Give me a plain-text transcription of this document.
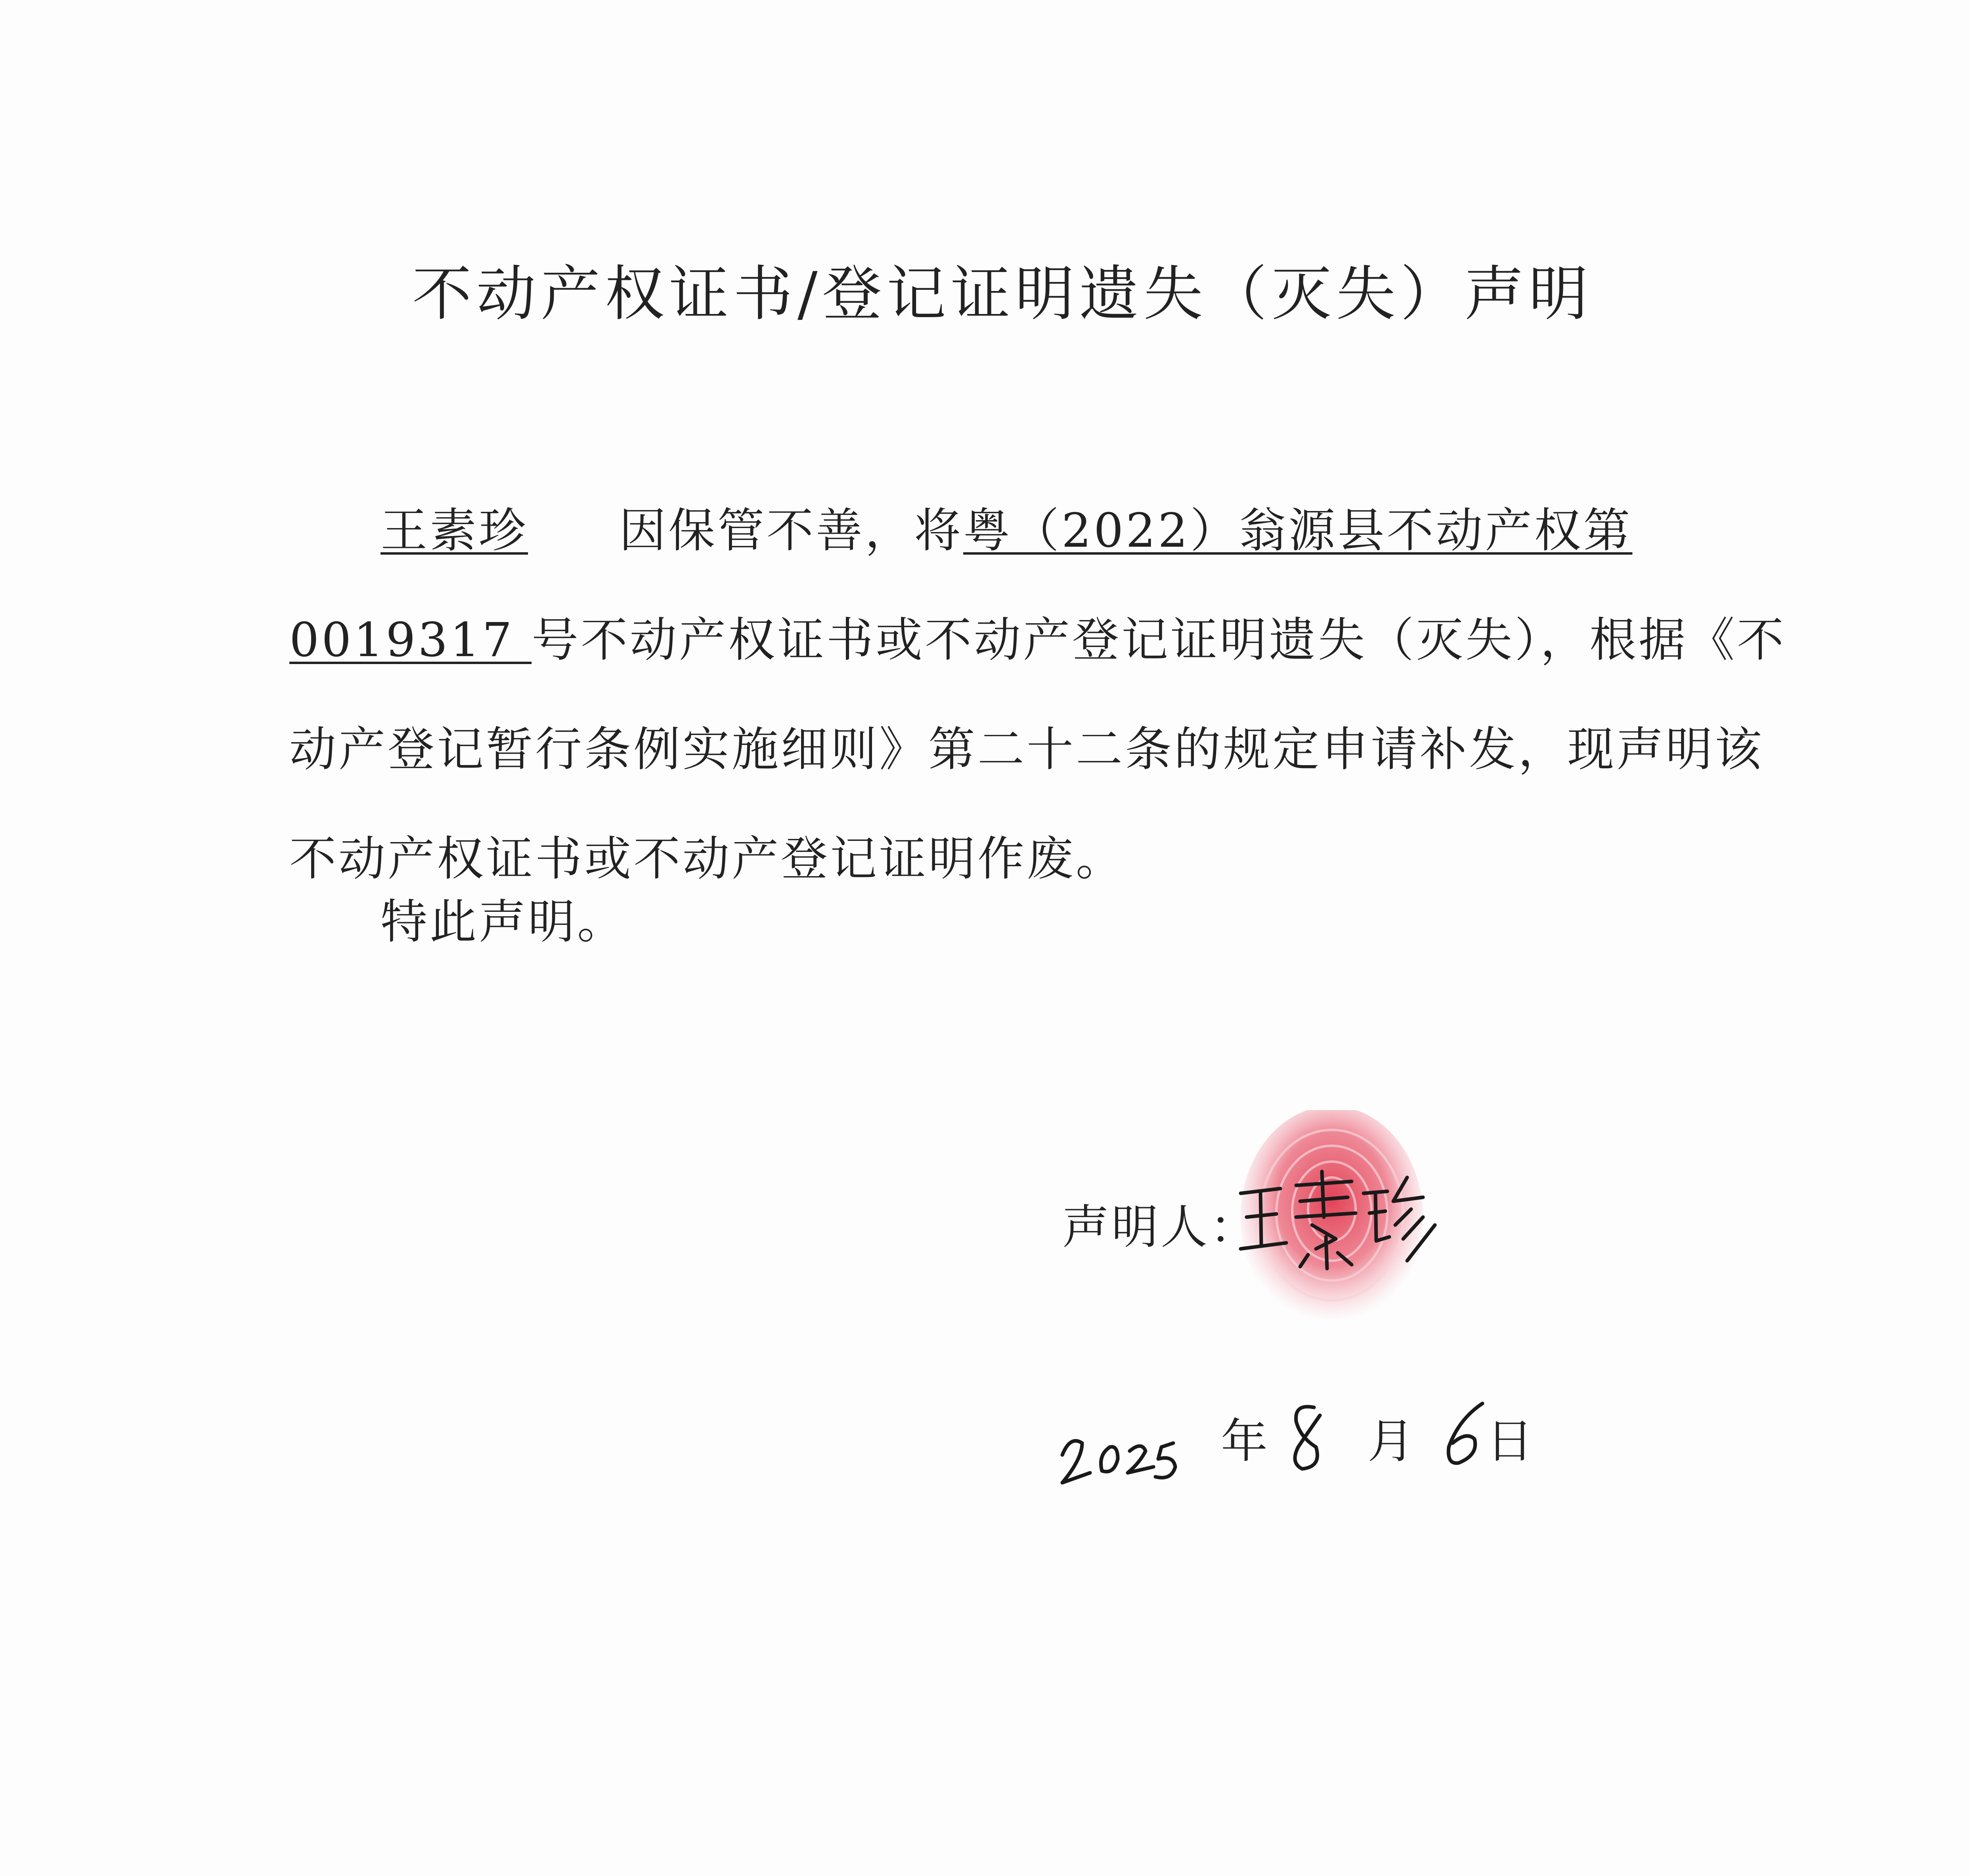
不动产权证书/登记证明遗失（灭失）声明

王素珍 因保管不善，将粤（2022）翁源县不动产权第

0019317 号不动产权证书或不动产登记证明遗失（灭失），根据《不

动产登记暂行条例实施细则》第二十二条的规定申请补发，现声明该

不动产权证书或不动产登记证明作废。

特此声明。
声明人：
年 月 日
